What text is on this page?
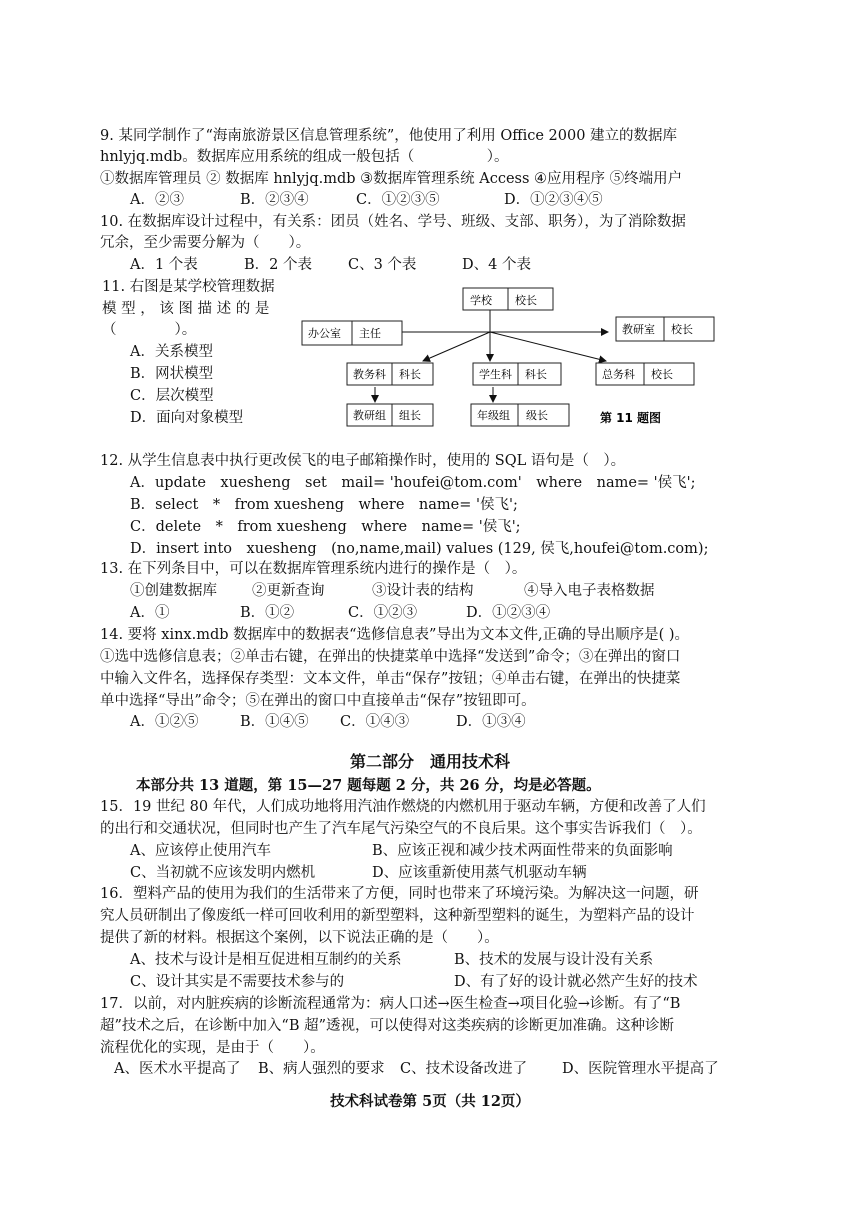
9. 某同学制作了“海南旅游景区信息管理系统”，他使用了利用 Office 2000 建立的数据库
hnlyjq.mdb。数据库应用系统的组成一般包括（　　　　　）。
①数据库管理员 ② 数据库 hnlyjq.mdb ③数据库管理系统 Access ④应用程序 ⑤终端用户
A．②③	B．②③④	C．①②③⑤	D．①②③④⑤
10. 在数据库设计过程中，有关系：团员（姓名、学号、班级、支部、职务），为了消除数据
冗余，至少需要分解为（　　）。
A．1 个表	B．2 个表 C、3 个表	D、4 个表
11. 右图是某学校管理数据
模 型 ， 该 图 描 述 的 是
（　　　　）。
A．关系模型
B．网状模型
C．层次模型
D．面向对象模型
学校 校长
办公室 主任	教研室 校长
教务科 科长	学生科 科长	总务科 校长
教研组 组长	年级组 级长	第 11 题图
12. 从学生信息表中执行更改侯飞的电子邮箱操作时，使用的 SQL 语句是（　）。
A．update　xuesheng　set　mail= 'houfei@tom.com'　where　name= '侯飞';
B．select　*　from xuesheng　where　name= '侯飞';
C．delete　*　from xuesheng　where　name= '侯飞';
D．insert into　xuesheng　(no,name,mail) values (129, 侯飞,houfei@tom.com);
13. 在下列条目中，可以在数据库管理系统内进行的操作是（　）。
①创建数据库 ②更新查询	③设计表的结构	④导入电子表格数据
A．①	B．①②	C．①②③	D．①②③④
14. 要将 xinx.mdb 数据库中的数据表“选修信息表”导出为文本文件,正确的导出顺序是( )。
①选中选修信息表；②单击右键，在弹出的快捷菜单中选择“发送到”命令；③在弹出的窗口
中输入文件名，选择保存类型：文本文件，单击“保存”按钮；④单击右键，在弹出的快捷菜
单中选择“导出”命令；⑤在弹出的窗口中直接单击“保存”按钮即可。
A．①②⑤	B．①④⑤ C．①④③	D．①③④
第二部分　通用技术科
本部分共 13 道题，第 15—27 题每题 2 分，共 26 分，均是必答题。
15．19 世纪 80 年代，人们成功地将用汽油作燃烧的内燃机用于驱动车辆，方便和改善了人们
的出行和交通状况，但同时也产生了汽车尾气污染空气的不良后果。这个事实告诉我们（　）。
A、应该停止使用汽车	B、应该正视和减少技术两面性带来的负面影响
C、当初就不应该发明内燃机	D、应该重新使用蒸气机驱动车辆
16．塑料产品的使用为我们的生活带来了方便，同时也带来了环境污染。为解决这一问题，研
究人员研制出了像废纸一样可回收利用的新型塑料，这种新型塑料的诞生，为塑料产品的设计
提供了新的材料。根据这个案例，以下说法正确的是（　　）。
A、技术与设计是相互促进相互制约的关系	B、技术的发展与设计没有关系
C、设计其实是不需要技术参与的	D、有了好的设计就必然产生好的技术
17．以前，对内脏疾病的诊断流程通常为：病人口述→医生检查→项目化验→诊断。有了“B
超”技术之后，在诊断中加入“B 超”透视，可以使得对这类疾病的诊断更加准确。这种诊断
流程优化的实现，是由于（　　）。
A、医术水平提高了 B、病人强烈的要求 C、技术设备改进了 D、医院管理水平提高了
技术科试卷第 5页（共 12页）
